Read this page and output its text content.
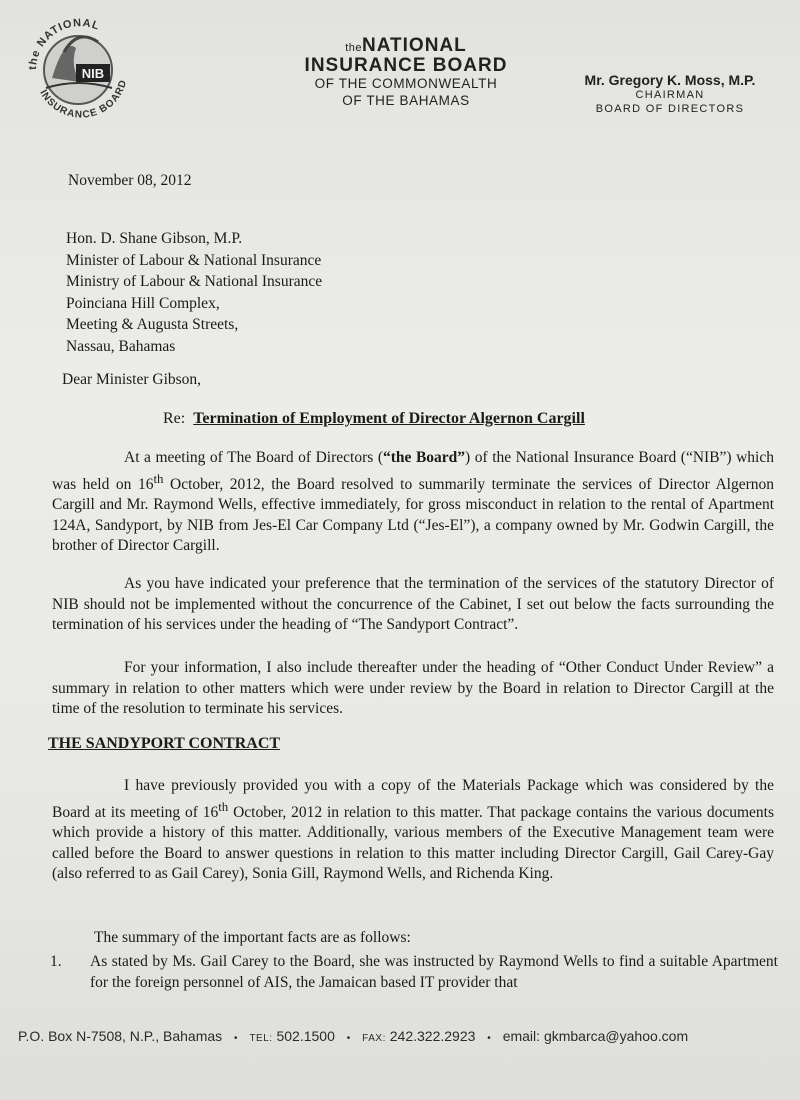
NIB
the NATIONAL
INSURANCE BOARD
theNATIONAL
INSURANCE BOARD
OF THE COMMONWEALTH
OF THE BAHAMAS
Mr. Gregory K. Moss, M.P.
CHAIRMAN
BOARD OF DIRECTORS
November 08, 2012
Hon. D. Shane Gibson, M.P.
Minister of Labour & National Insurance
Ministry of Labour & National Insurance
Poinciana Hill Complex,
Meeting & Augusta Streets,
Nassau, Bahamas
Dear Minister Gibson,
Re: Termination of Employment of Director Algernon Cargill
At a meeting of The Board of Directors (“the Board”) of the National Insurance Board (“NIB”) which was held on 16th October, 2012, the Board resolved to summarily terminate the services of Director Algernon Cargill and Mr. Raymond Wells, effective immediately, for gross misconduct in relation to the rental of Apartment 124A, Sandyport, by NIB from Jes-El Car Company Ltd (“Jes-El”), a company owned by Mr. Godwin Cargill, the brother of Director Cargill.
As you have indicated your preference that the termination of the services of the statutory Director of NIB should not be implemented without the concurrence of the Cabinet, I set out below the facts surrounding the termination of his services under the heading of “The Sandyport Contract”.
For your information, I also include thereafter under the heading of “Other Conduct Under Review” a summary in relation to other matters which were under review by the Board in relation to Director Cargill at the time of the resolution to terminate his services.
THE SANDYPORT CONTRACT
I have previously provided you with a copy of the Materials Package which was considered by the Board at its meeting of 16th October, 2012 in relation to this matter. That package contains the various documents which provide a history of this matter. Additionally, various members of the Executive Management team were called before the Board to answer questions in relation to this matter including Director Cargill, Gail Carey-Gay (also referred to as Gail Carey), Sonia Gill, Raymond Wells, and Richenda King.
The summary of the important facts are as follows:
1. As stated by Ms. Gail Carey to the Board, she was instructed by Raymond Wells to find a suitable Apartment for the foreign personnel of AIS, the Jamaican based IT provider that
P.O. Box N-7508, N.P., Bahamas • TEL: 502.1500 • FAX: 242.322.2923 • email: gkmbarca@yahoo.com
